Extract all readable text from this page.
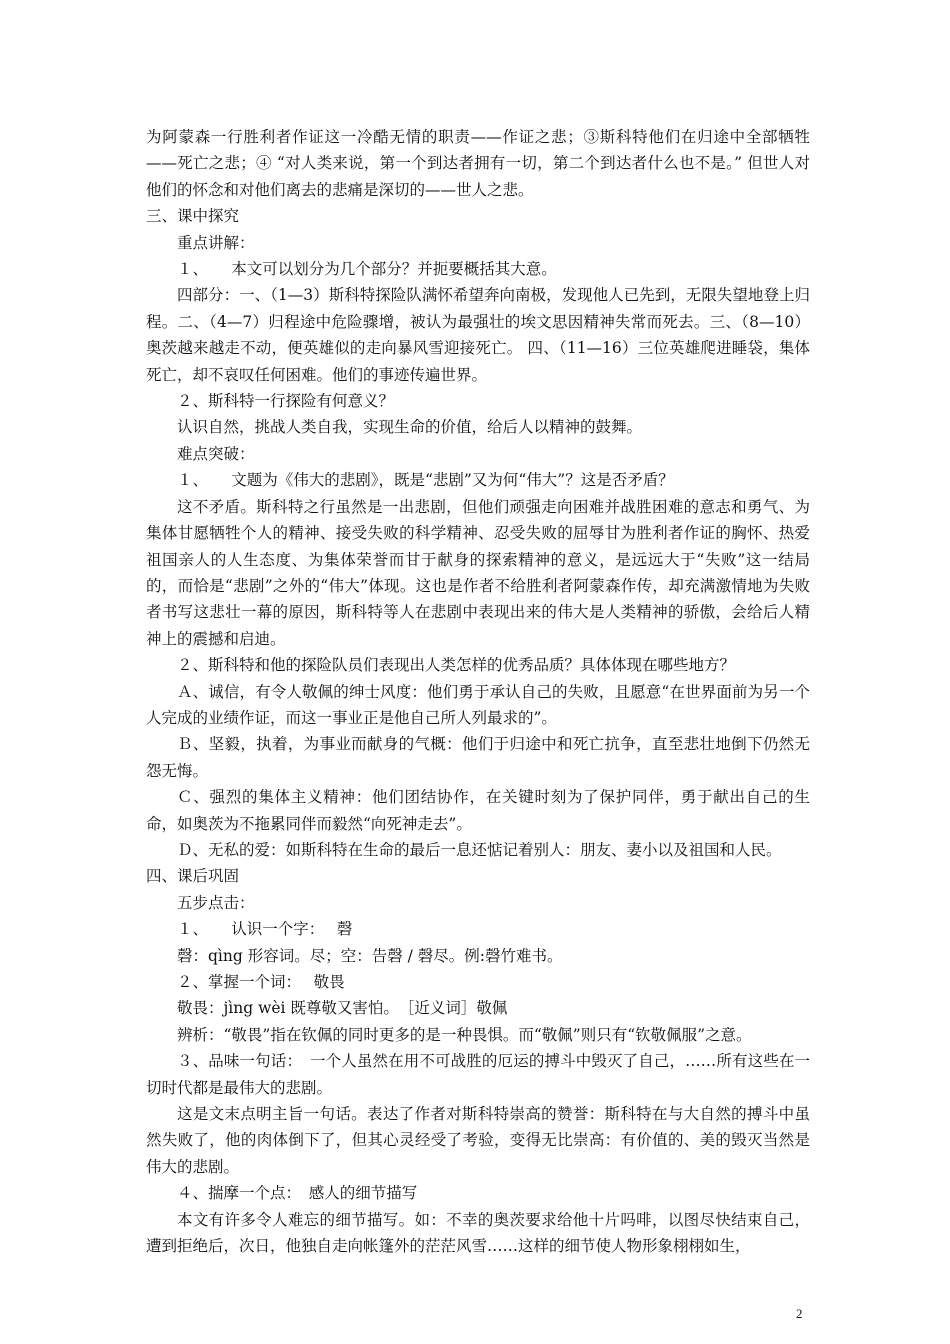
为阿蒙森一行胜利者作证这一冷酷无情的职责——作证之悲；③斯科特他们在归途中全部牺牲——死亡之悲；④ “对人类来说，第一个到达者拥有一切，第二个到达者什么也不是。” 但世人对他们的怀念和对他们离去的悲痛是深切的——世人之悲。
三、课中探究
重点讲解：
１、　　本文可以划分为几个部分？并扼要概括其大意。
四部分：一、（1—3）斯科特探险队满怀希望奔向南极，发现他人已先到，无限失望地登上归程。二、（4—7）归程途中危险骤增，被认为最强壮的埃文思因精神失常而死去。三、（8—10）奥茨越来越走不动，便英雄似的走向暴风雪迎接死亡。 四、（11—16）三位英雄爬进睡袋，集体死亡，却不哀叹任何困难。他们的事迹传遍世界。
２、斯科特一行探险有何意义？
认识自然，挑战人类自我，实现生命的价值，给后人以精神的鼓舞。
难点突破：
１、　　文题为《伟大的悲剧》，既是“悲剧”又为何“伟大”？这是否矛盾？
这不矛盾。斯科特之行虽然是一出悲剧，但他们顽强走向困难并战胜困难的意志和勇气、为集体甘愿牺牲个人的精神、接受失败的科学精神、忍受失败的屈辱甘为胜利者作证的胸怀、热爱祖国亲人的人生态度、为集体荣誉而甘于献身的探索精神的意义，是远远大于“失败”这一结局的，而恰是“悲剧”之外的“伟大”体现。这也是作者不给胜利者阿蒙森作传，却充满激情地为失败者书写这悲壮一幕的原因，斯科特等人在悲剧中表现出来的伟大是人类精神的骄傲，会给后人精神上的震撼和启迪。
２、斯科特和他的探险队员们表现出人类怎样的优秀品质？具体体现在哪些地方？
Ａ、诚信，有令人敬佩的绅士风度：他们勇于承认自己的失败，且愿意“在世界面前为另一个人完成的业绩作证，而这一事业正是他自己所人列最求的”。
Ｂ、坚毅，执着，为事业而献身的气概：他们于归途中和死亡抗争，直至悲壮地倒下仍然无怨无悔。
Ｃ、强烈的集体主义精神：他们团结协作，在关键时刻为了保护同伴，勇于献出自己的生命，如奥茨为不拖累同伴而毅然“向死神走去”。
Ｄ、无私的爱：如斯科特在生命的最后一息还惦记着别人：朋友、妻小以及祖国和人民。
四、课后巩固
五步点击：
１、　　认识一个字：　 磬
磬：qìng 形容词。尽；空：告磬 / 磬尽。例:磬竹难书。
２、掌握一个词：　 敬畏
敬畏：jìng wèi 既尊敬又害怕。　［近义词］敬佩
辨析：“敬畏”指在钦佩的同时更多的是一种畏惧。而“敬佩”则只有“钦敬佩服”之意。
３、品味一句话：　一个人虽然在用不可战胜的厄运的搏斗中毁灭了自己，……所有这些在一切时代都是最伟大的悲剧。
这是文末点明主旨一句话。表达了作者对斯科特崇高的赞誉：斯科特在与大自然的搏斗中虽然失败了，他的肉体倒下了，但其心灵经受了考验，变得无比崇高：有价值的、美的毁灭当然是伟大的悲剧。
４、揣摩一个点：　感人的细节描写
本文有许多令人难忘的细节描写。如：不幸的奥茨要求给他十片吗啡，以图尽快结束自己，遭到拒绝后，次日，他独自走向帐篷外的茫茫风雪……这样的细节使人物形象栩栩如生，
2
